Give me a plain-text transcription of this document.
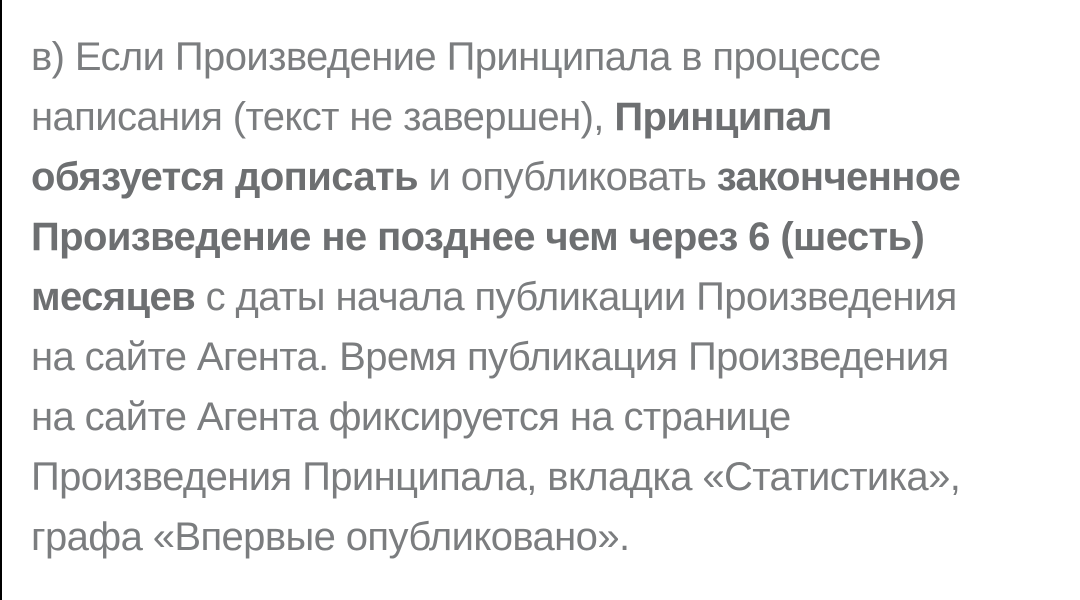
в) Если Произведение Принципала в процессе
написания (текст не завершен), Принципал
обязуется дописать и опубликовать законченное
Произведение не позднее чем через 6 (шесть)
месяцев с даты начала публикации Произведения
на сайте Агента. Время публикация Произведения
на сайте Агента фиксируется на странице
Произведения Принципала, вкладка «Статистика»,
графа «Впервые опубликовано».
